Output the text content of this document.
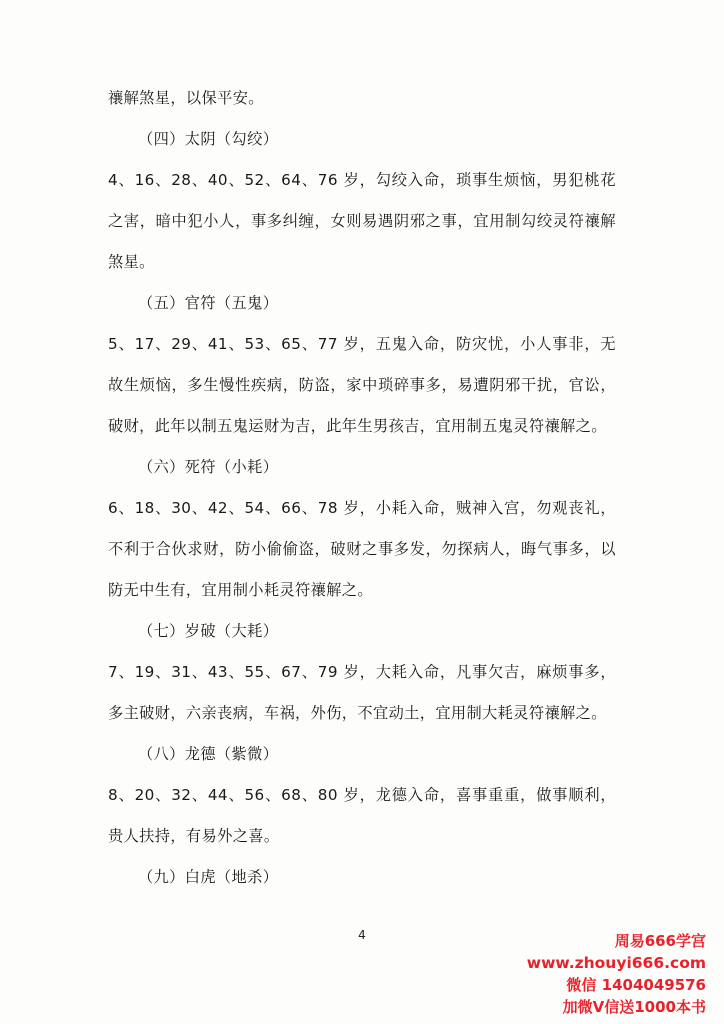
禳解煞星，以保平安。

（四）太阴（勾绞）

4、16、28、40、52、64、76 岁，勾绞入命，琐事生烦恼，男犯桃花之害，暗中犯小人，事多纠缠，女则易遇阴邪之事，宜用制勾绞灵符禳解煞星。

（五）官符（五鬼）

5、17、29、41、53、65、77 岁，五鬼入命，防灾忧，小人事非，无故生烦恼，多生慢性疾病，防盗，家中琐碎事多，易遭阴邪干扰，官讼，破财，此年以制五鬼运财为吉，此年生男孩吉，宜用制五鬼灵符禳解之。

（六）死符（小耗）

6、18、30、42、54、66、78 岁，小耗入命，贼神入宫，勿观丧礼，不利于合伙求财，防小偷偷盗，破财之事多发，勿探病人，晦气事多，以防无中生有，宜用制小耗灵符禳解之。

（七）岁破（大耗）

7、19、31、43、55、67、79 岁，大耗入命，凡事欠吉，麻烦事多，多主破财，六亲丧病，车祸，外伤，不宜动土，宜用制大耗灵符禳解之。

（八）龙德（紫微）

8、20、32、44、56、68、80 岁，龙德入命，喜事重重，做事顺利，贵人扶持，有易外之喜。

（九）白虎（地杀）

4	周易666学宫
www.zhouyi666.com
微信 1404049576
加微V信送1000本书
